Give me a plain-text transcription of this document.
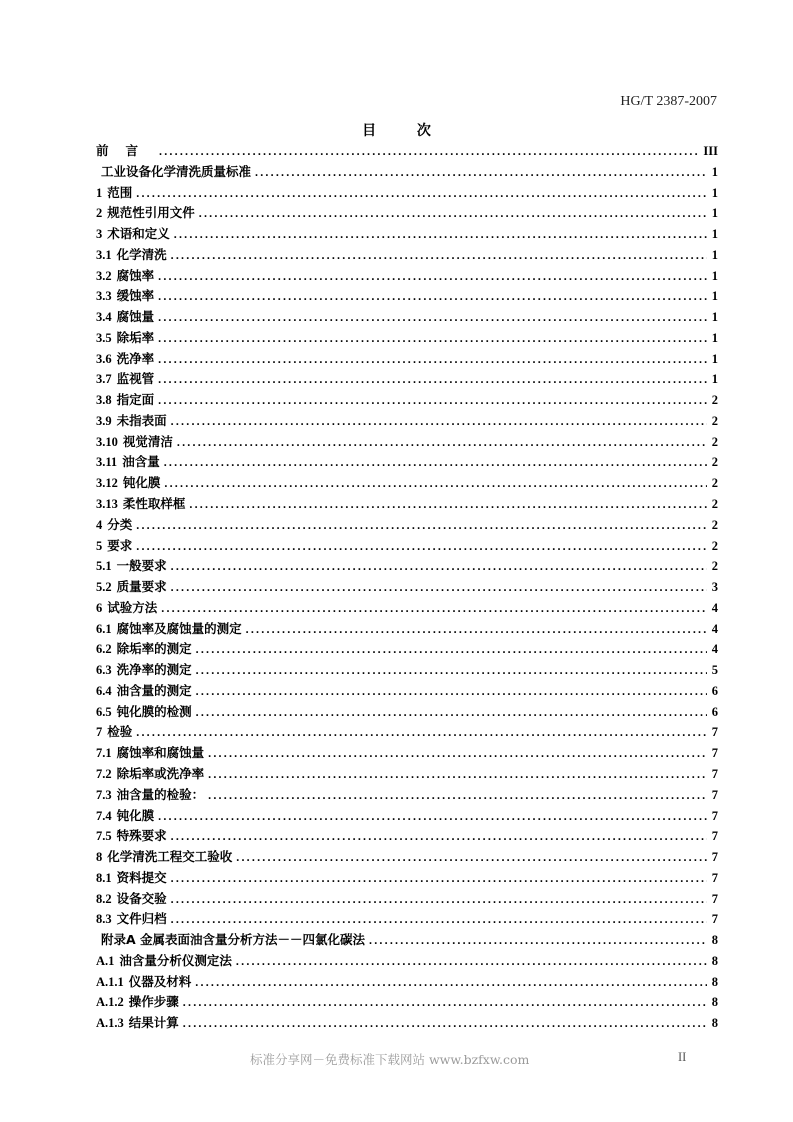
HG/T 2387-2007
目 次
前言 .....	III
工业设备化学清洗质量标准 .....	1
1 范围 .....	1
2 规范性引用文件 .....	1
3 术语和定义 .....	1
3.1 化学清洗 .....	1
3.2 腐蚀率 .....	1
3.3 缓蚀率 .....	1
3.4 腐蚀量 .....	1
3.5 除垢率 .....	1
3.6 洗净率 .....	1
3.7 监视管 .....	1
3.8 指定面 .....	2
3.9 未指表面 .....	2
3.10 视觉清洁 .....	2
3.11 油含量 .....	2
3.12 钝化膜 .....	2
3.13 柔性取样框 .....	2
4 分类 .....	2
5 要求 .....	2
5.1 一般要求 .....	2
5.2 质量要求 .....	3
6 试验方法 .....	4
6.1 腐蚀率及腐蚀量的测定 .....	4
6.2 除垢率的测定 .....	4
6.3 洗净率的测定 .....	5
6.4 油含量的测定 .....	6
6.5 钝化膜的检测 .....	6
7 检验 .....	7
7.1 腐蚀率和腐蚀量 .....	7
7.2 除垢率或洗净率 .....	7
7.3 油含量的检验： .....	7
7.4 钝化膜 .....	7
7.5 特殊要求 .....	7
8 化学清洗工程交工验收 .....	7
8.1 资料提交 .....	7
8.2 设备交验 .....	7
8.3 文件归档 .....	7
附录A 金属表面油含量分析方法－－四氯化碳法 .....	8
A.1 油含量分析仪测定法 .....	8
A.1.1 仪器及材料 .....	8
A.1.2 操作步骤 .....	8
A.1.3 结果计算 .....	8
标准分享网－免费标准下载网站 www.bzfxw.com	II
